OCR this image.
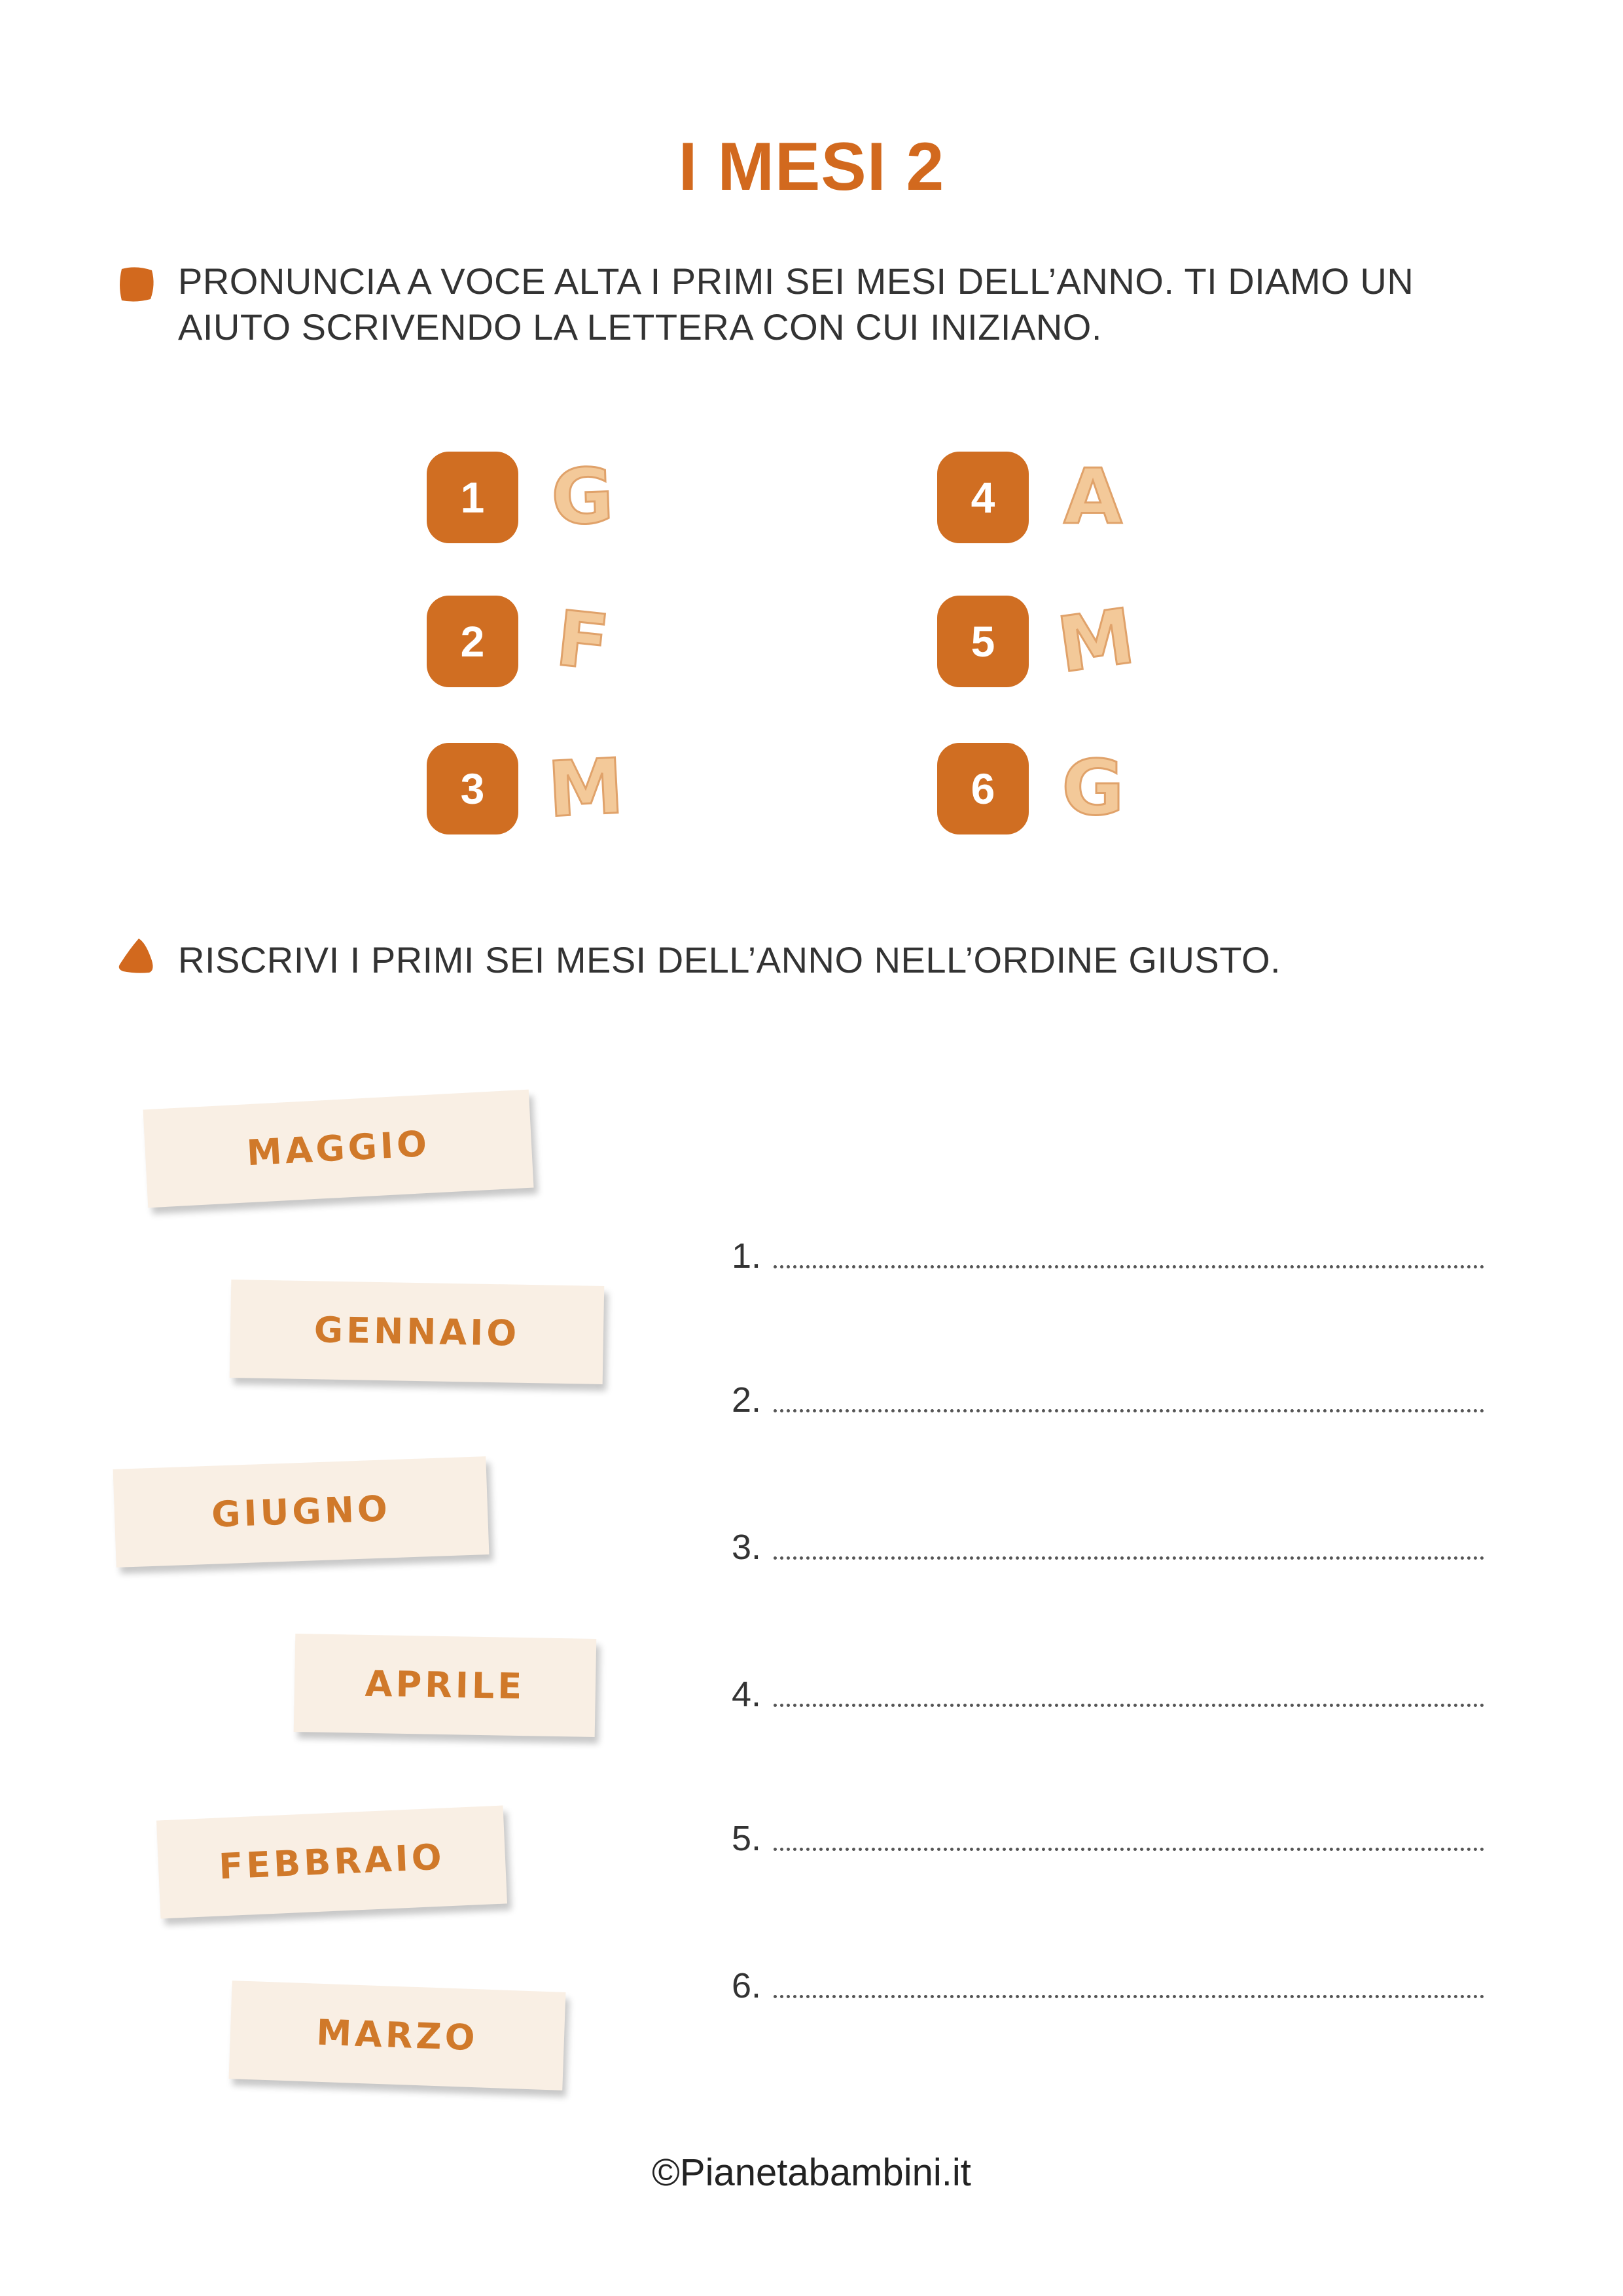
I MESI 2
PRONUNCIA A VOCE ALTA I PRIMI SEI MESI DELL’ANNO. TI DIAMO UN
AIUTO SCRIVENDO LA LETTERA CON CUI INIZIANO.
1 G
2 F
3 M
4 A
5 M
6 G
RISCRIVI I PRIMI SEI MESI DELL’ANNO NELL’ORDINE GIUSTO.
MAGGIO
GENNAIO
GIUGNO
APRILE
FEBBRAIO
MARZO
1.
2.
3.
4.
5.
6.
©Pianetabambini.it
